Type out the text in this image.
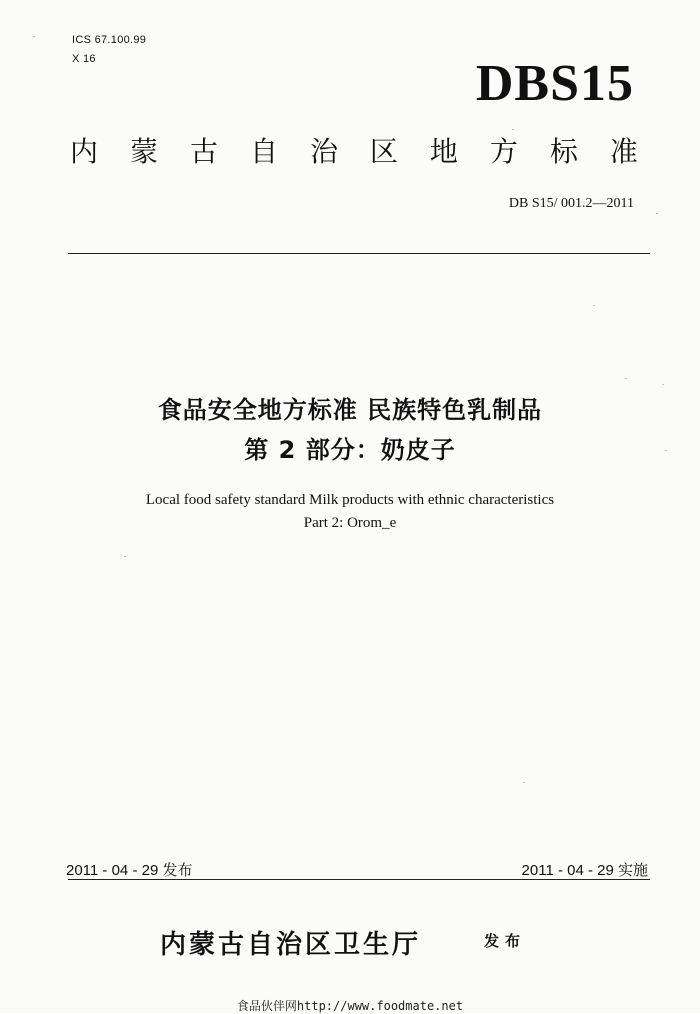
ICS 67.100.99
X 16	DBS15
内 蒙 古 自 治 区 地 方 标 准
DB S15/ 001.2—2011
食品安全地方标准 民族特色乳制品
第 2 部分：奶皮子
Local food safety standard Milk products with ethnic characteristics
Part 2: Orom_e
2011 - 04 - 29 发布	2011 - 04 - 29 实施
内蒙古自治区卫生厅	发布
食品伙伴网http://www.foodmate.net
